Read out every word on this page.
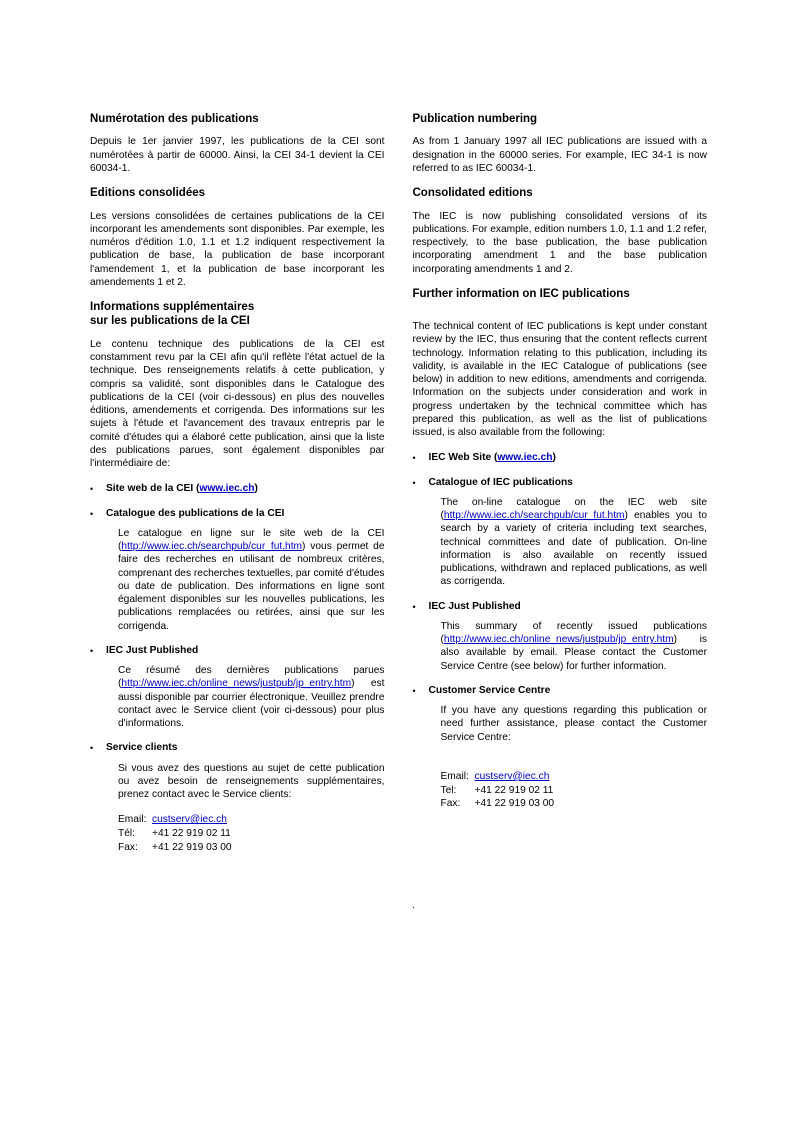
Numérotation des publications

Depuis le 1er janvier 1997, les publications de la CEI sont numérotées à partir de 60000. Ainsi, la CEI 34-1 devient la CEI 60034-1.

Editions consolidées

Les versions consolidées de certaines publications de la CEI incorporant les amendements sont disponibles. Par exemple, les numéros d'édition 1.0, 1.1 et 1.2 indiquent respectivement la publication de base, la publication de base incorporant l'amendement 1, et la publication de base incorporant les amendements 1 et 2.

Informations supplémentaires
sur les publications de la CEI

Le contenu technique des publications de la CEI est constamment revu par la CEI afin qu'il reflète l'état actuel de la technique. Des renseignements relatifs à cette publication, y compris sa validité, sont disponibles dans le Catalogue des publications de la CEI (voir ci-dessous) en plus des nouvelles éditions, amendements et corrigenda. Des informations sur les sujets à l'étude et l'avancement des travaux entrepris par le comité d'études qui a élaboré cette publication, ainsi que la liste des publications parues, sont également disponibles par l'intermédiaire de:

•	Site web de la CEI (www.iec.ch)
•	Catalogue des publications de la CEI
Le catalogue en ligne sur le site web de la CEI (http://www.iec.ch/searchpub/cur_fut.htm) vous permet de faire des recherches en utilisant de nombreux critères, comprenant des recherches textuelles, par comité d'études ou date de publication. Des informations en ligne sont également disponibles sur les nouvelles publications, les publications remplacées ou retirées, ainsi que sur les corrigenda.
•	IEC Just Published
Ce résumé des dernières publications parues (http://www.iec.ch/online_news/justpub/jp_entry.htm) est aussi disponible par courrier électronique. Veuillez prendre contact avec le Service client (voir ci-dessous) pour plus d'informations.
•	Service clients
Si vous avez des questions au sujet de cette publication ou avez besoin de renseignements supplémentaires, prenez contact avec le Service clients:
Email: custserv@iec.ch
Tél:	+41 22 919 02 11
Fax:	+41 22 919 03 00
Publication numbering

As from 1 January 1997 all IEC publications are issued with a designation in the 60000 series. For example, IEC 34-1 is now referred to as IEC 60034-1.

Consolidated editions

The IEC is now publishing consolidated versions of its publications. For example, edition numbers 1.0, 1.1 and 1.2 refer, respectively, to the base publication, the base publication incorporating amendment 1 and the base publication incorporating amendments 1 and 2.

Further information on IEC publications

The technical content of IEC publications is kept under constant review by the IEC, thus ensuring that the content reflects current technology. Information relating to this publication, including its validity, is available in the IEC Catalogue of publications (see below) in addition to new editions, amendments and corrigenda. Information on the subjects under consideration and work in progress undertaken by the technical committee which has prepared this publication, as well as the list of publications issued, is also available from the following:

•	IEC Web Site (www.iec.ch)
•	Catalogue of IEC publications
The on-line catalogue on the IEC web site (http://www.iec.ch/searchpub/cur_fut.htm) enables you to search by a variety of criteria including text searches, technical committees and date of publication. On-line information is also available on recently issued publications, withdrawn and replaced publications, as well as corrigenda.
•	IEC Just Published
This summary of recently issued publications (http://www.iec.ch/online_news/justpub/jp_entry.htm) is also available by email. Please contact the Customer Service Centre (see below) for further information.
•	Customer Service Centre
If you have any questions regarding this publication or need further assistance, please contact the Customer Service Centre:
Email: custserv@iec.ch
Tel:	+41 22 919 02 11
Fax:	+41 22 919 03 00
.
